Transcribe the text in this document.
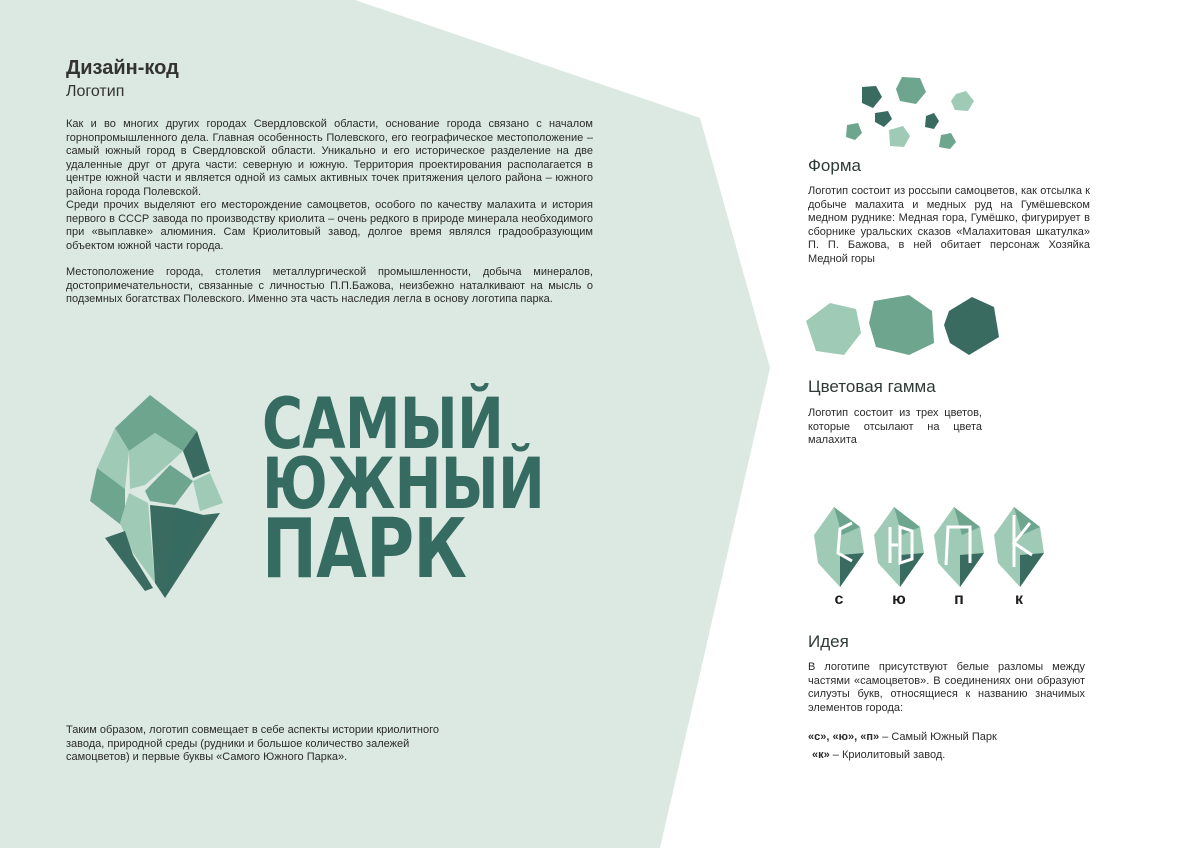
Дизайн-код
Логотип

Как и во многих других городах Свердловской области, основание города связано с началом горнопромышленного дела. Главная особенность Полевского, его географическое местоположение – самый южный город в Свердловской области. Уникально и его историческое разделение на две удаленные друг от друга части: северную и южную. Территория проектирования располагается в центре южной части и является одной из самых активных точек притяжения целого района – южного района города Полевской.

Среди прочих выделяют его месторождение самоцветов, особого по качеству малахита и история первого в СССР завода по производству криолита – очень редкого в природе минерала необходимого при «выплавке» алюминия. Сам Криолитовый завод, долгое время являлся градообразующим объектом южной части города.

Местоположение города, столетия металлургической промышленности, добыча минералов, достопримечательности, связанные с личностью П.П.Бажова, неизбежно наталкивают на мысль о подземных богатствах Полевского. Именно эта часть наследия легла в основу логотипа парка.

САМЫЙ
ЮЖНЫЙ
ПАРК
Таким образом, логотип совмещает в себе аспекты истории криолитного завода, природной среды (рудники и большое количество залежей самоцветов) и первые буквы «Самого Южного Парка».
Форма
Логотип состоит из россыпи самоцветов, как отсылка к добыче малахита и медных руд на Гумёшевском медном руднике: Медная гора, Гумёшко, фигурирует в сборнике уральских сказов «Малахитовая шкатулка» П. П. Бажова, в ней обитает персонаж Хозяйка Медной горы
Цветовая гамма
Логотип состоит из трех цветов, которые отсылают на цвета малахита
с	ю	п	к
Идея
В логотипе присутствуют белые разломы между частями «самоцветов». В соединениях они образуют силуэты букв, относящиеся к названию значимых элементов города:
«с», «ю», «п» – Самый Южный Парк
«к» – Криолитовый завод.
